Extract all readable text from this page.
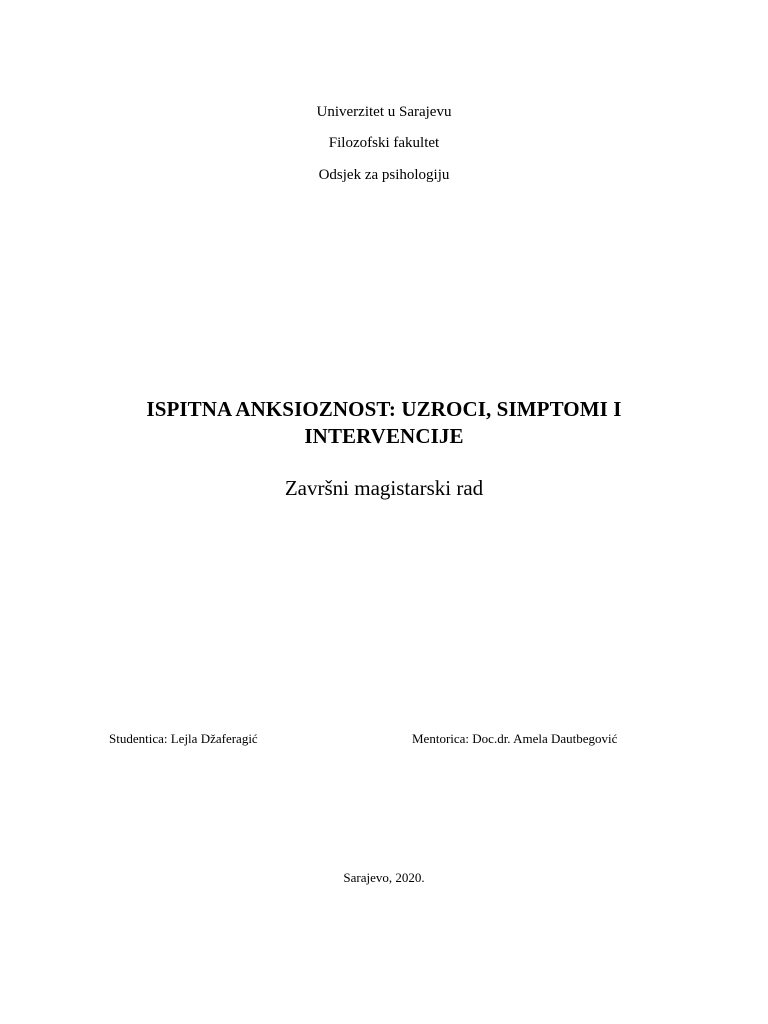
Univerzitet u Sarajevu
Filozofski fakultet
Odsjek za psihologiju
ISPITNA ANKSIOZNOST: UZROCI, SIMPTOMI I
INTERVENCIJE
Završni magistarski rad
Studentica: Lejla Džaferagić	Mentorica: Doc.dr. Amela Dautbegović
Sarajevo, 2020.
